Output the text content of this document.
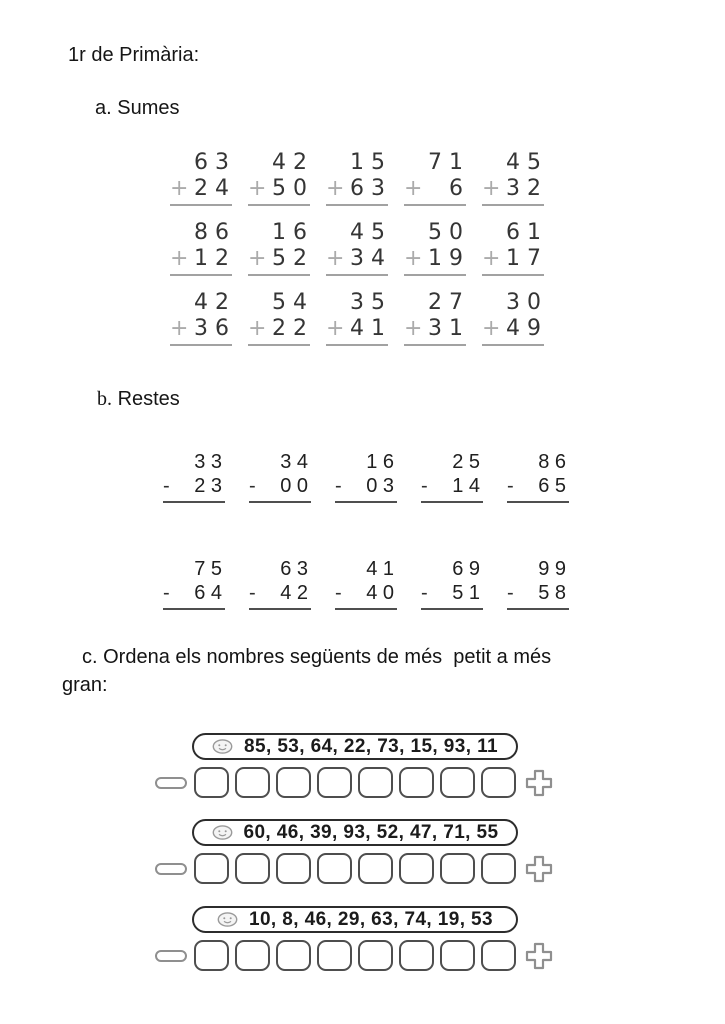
1r de Primària:
a. Sumes
6 3
+ 2 4
4 2
+ 5 0
1 5
+ 6 3
7 1
+ 6
4 5
+ 3 2
8 6
+ 1 2
1 6
+ 5 2
4 5
+ 3 4
5 0
+ 1 9
6 1
+ 1 7
4 2
+ 3 6
5 4
+ 2 2
3 5
+ 4 1
2 7
+ 3 1
3 0
+ 4 9
b. Restes
3 3
- 2 3
3 4
- 0 0
1 6
- 0 3
2 5
- 1 4
8 6
- 6 5
7 5
- 6 4
6 3
- 4 2
4 1
- 4 0
6 9
- 5 1
9 9
- 5 8
c. Ordena els nombres següents de més  petit a més
gran:
85, 53, 64, 22, 73, 15, 93, 11
60, 46, 39, 93, 52, 47, 71, 55
10, 8, 46, 29, 63, 74, 19, 53
